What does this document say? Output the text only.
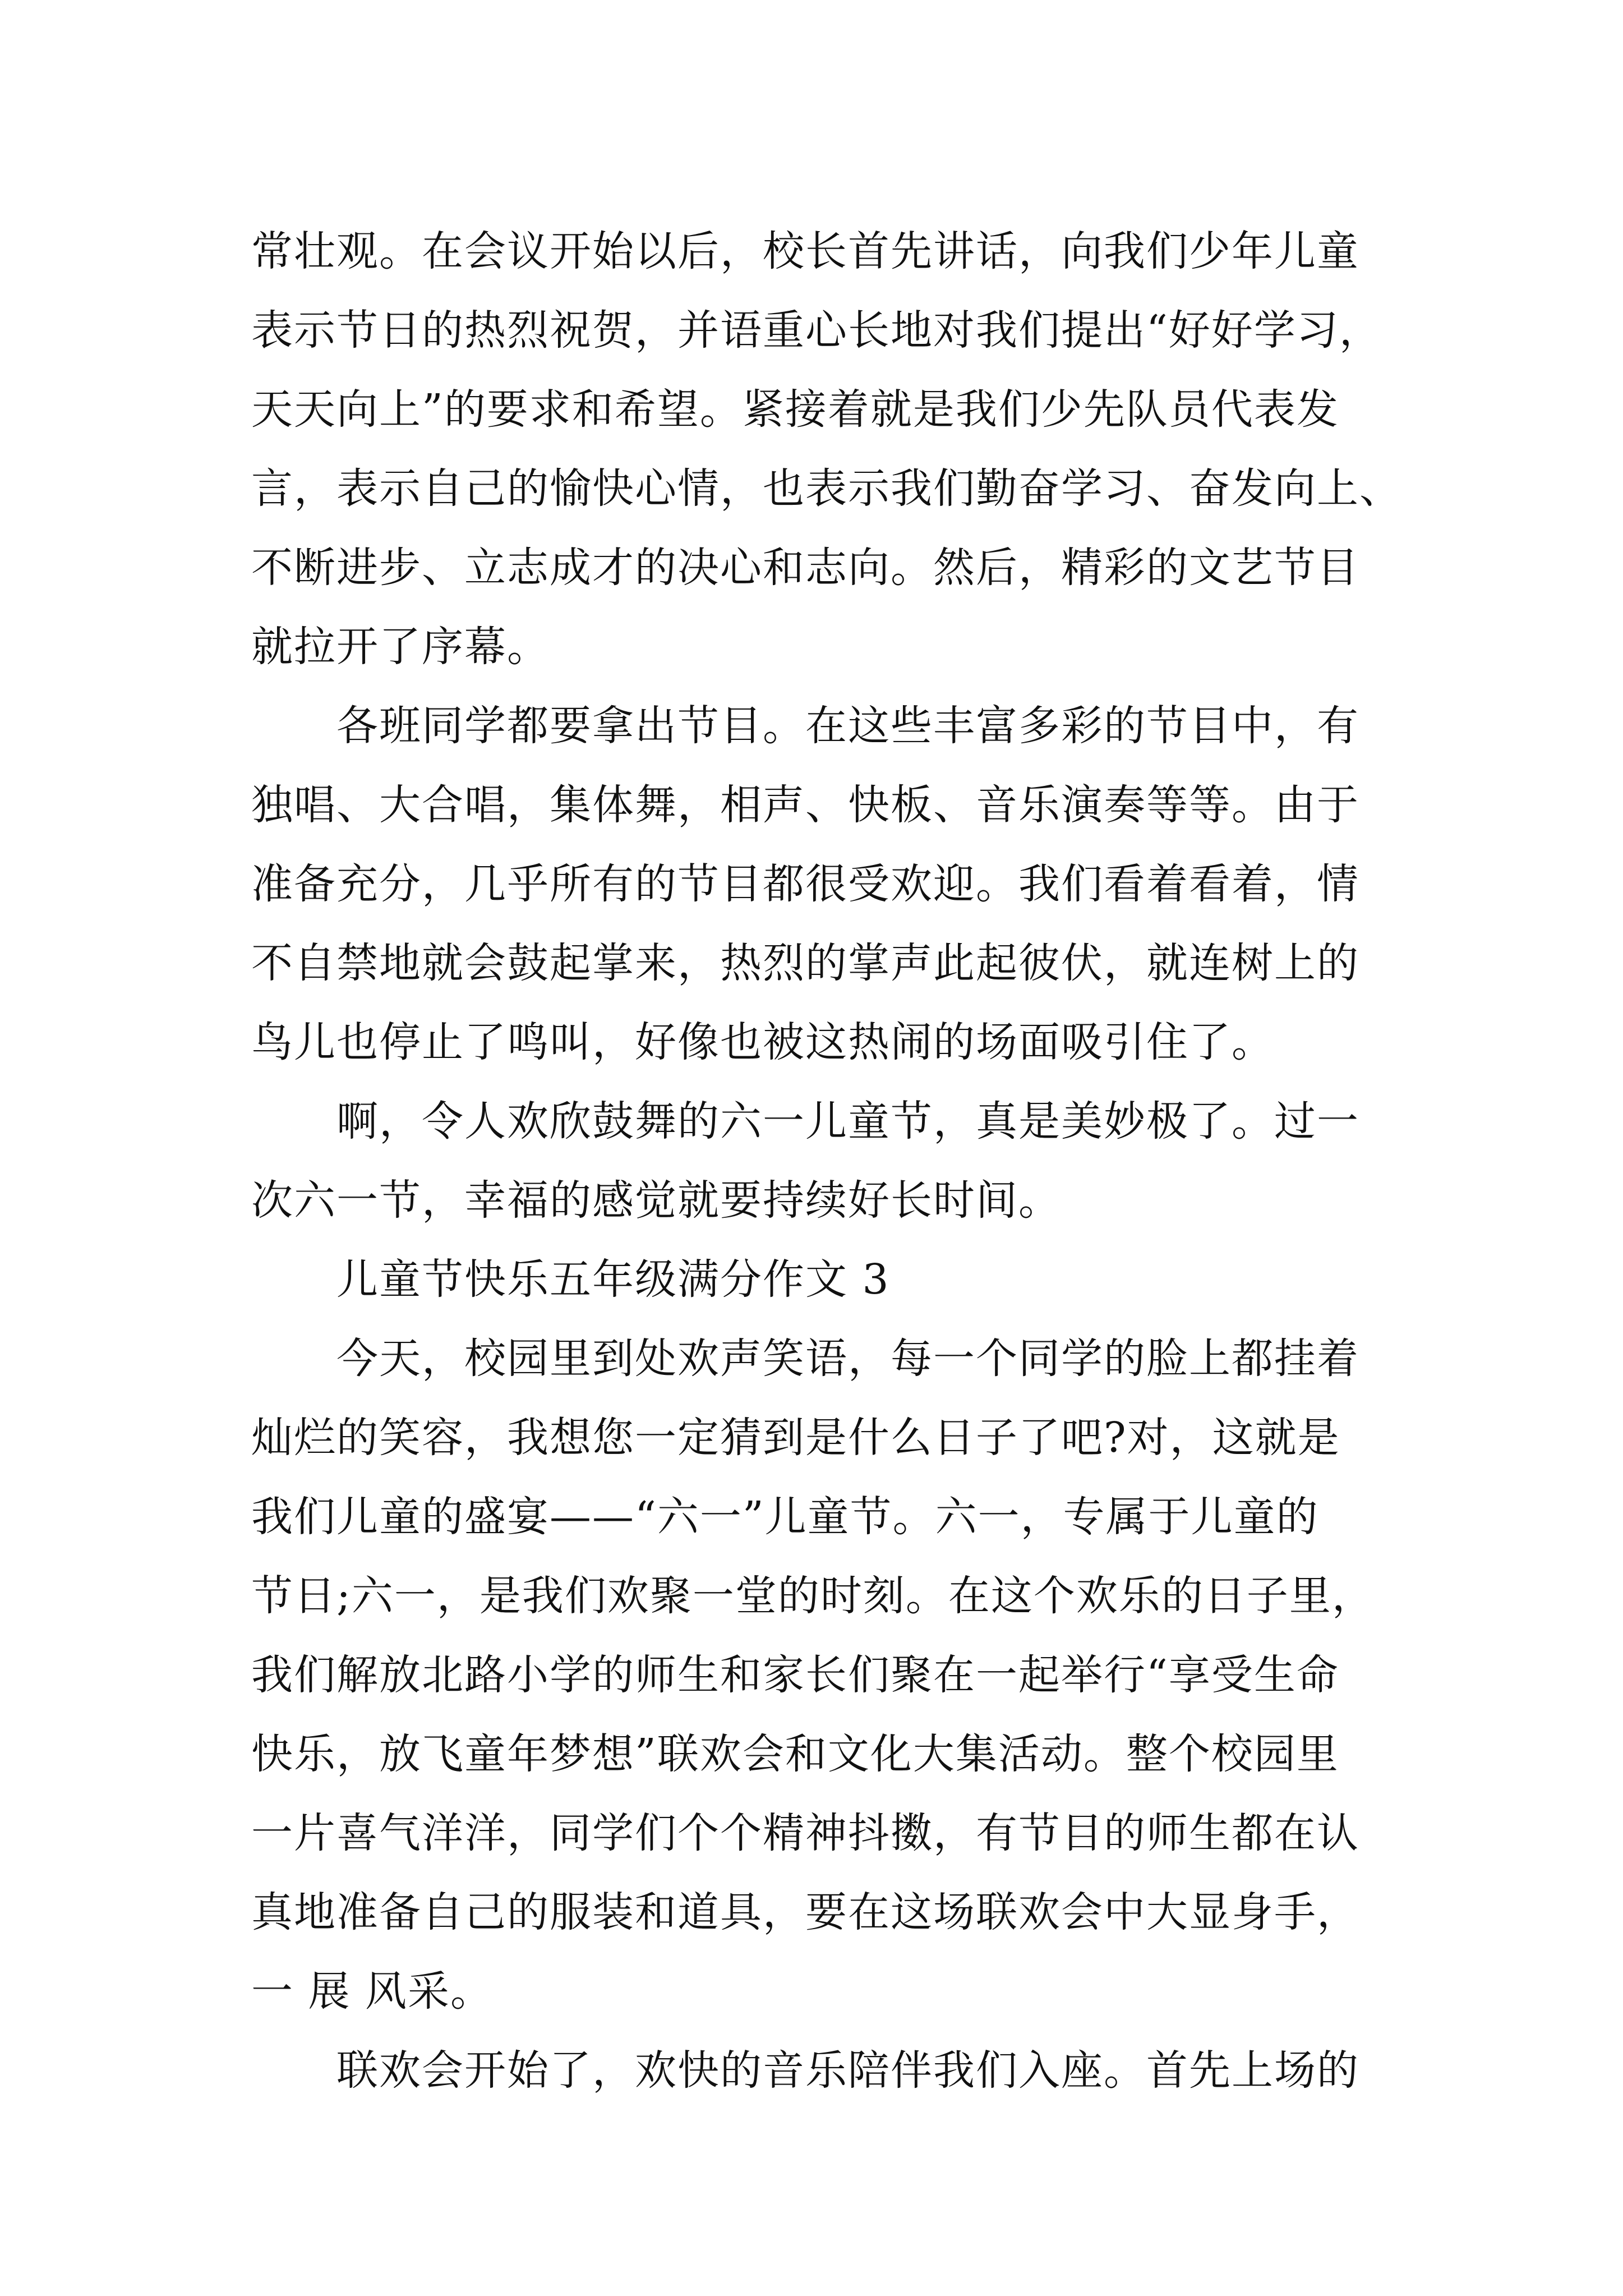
常壮观。在会议开始以后，校长首先讲话，向我们少年儿童
表示节日的热烈祝贺，并语重心长地对我们提出“好好学习，
天天向上”的要求和希望。紧接着就是我们少先队员代表发
言，表示自己的愉快心情，也表示我们勤奋学习、奋发向上、
不断进步、立志成才的决心和志向。然后，精彩的文艺节目
就拉开了序幕。
各班同学都要拿出节目。在这些丰富多彩的节目中，有
独唱、大合唱，集体舞，相声、快板、音乐演奏等等。由于
准备充分，几乎所有的节目都很受欢迎。我们看着看着，情
不自禁地就会鼓起掌来，热烈的掌声此起彼伏，就连树上的
鸟儿也停止了鸣叫，好像也被这热闹的场面吸引住了。
啊，令人欢欣鼓舞的六一儿童节，真是美妙极了。过一
次六一节，幸福的感觉就要持续好长时间。
儿童节快乐五年级满分作文 3
今天，校园里到处欢声笑语，每一个同学的脸上都挂着
灿烂的笑容，我想您一定猜到是什么日子了吧?对，这就是
我们儿童的盛宴——“六一”儿童节。六一，专属于儿童的
节日;六一，是我们欢聚一堂的时刻。在这个欢乐的日子里，
我们解放北路小学的师生和家长们聚在一起举行“享受生命
快乐，放飞童年梦想”联欢会和文化大集活动。整个校园里
一片喜气洋洋，同学们个个精神抖擞，有节目的师生都在认
真地准备自己的服装和道具，要在这场联欢会中大显身手，
一 展 风采。
联欢会开始了，欢快的音乐陪伴我们入座。首先上场的
